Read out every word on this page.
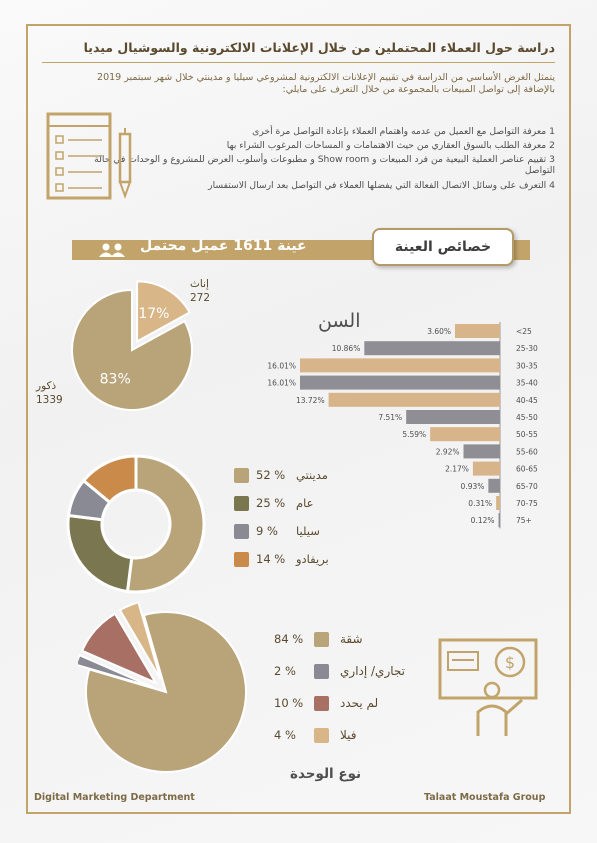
دراسة حول العملاء المحتملين من خلال الإعلانات الالكترونية والسوشيال ميديا
يتمثل الغرض الأساسي من الدراسة في تقييم الإعلانات الالكترونية لمشروعي سيليا و مدينتي خلال شهر سبتمبر 2019 بالإضافة إلى تواصل المبيعات بالمجموعة من خلال التعرف على مايلي:
1 معرفة التواصل مع العميل من عدمه واهتمام العملاء بإعادة التواصل مرة أخرى
2 معرفة الطلب بالسوق العقاري من حيث الاهتمامات و المساحات المرغوب الشراء بها
3 تقييم عناصر العملية البيعية من فرد المبيعات و Show room و مطبوعات وأسلوب العرض للمشروع و الوحدات في حالة التواصل
4 التعرف على وسائل الاتصال الفعالة التي يفضلها العملاء في التواصل بعد ارسال الاستفسار
عينة 1611 عميل محتمل	خصائص العينة
17%
83%
إناث
272
ذكور
1339
السن	3.60%	<25
10.86%	25-30
16.01%	30-35
16.01%	35-40
13.72%	40-45
7.51%	45-50
5.59%	50-55
2.92%	55-60
2.17%	60-65
0.93%	65-70
0.31%	70-75
0.12%	75+
52 % مدينتي
25 % عام
9 % سيليا
14 % بريفادو
84 %	شقة
2 %	تجاري/ إداري
10 %	لم يحدد
4 %	فيلا
نوع الوحدة
$
Digital Marketing Department	Talaat Moustafa Group
